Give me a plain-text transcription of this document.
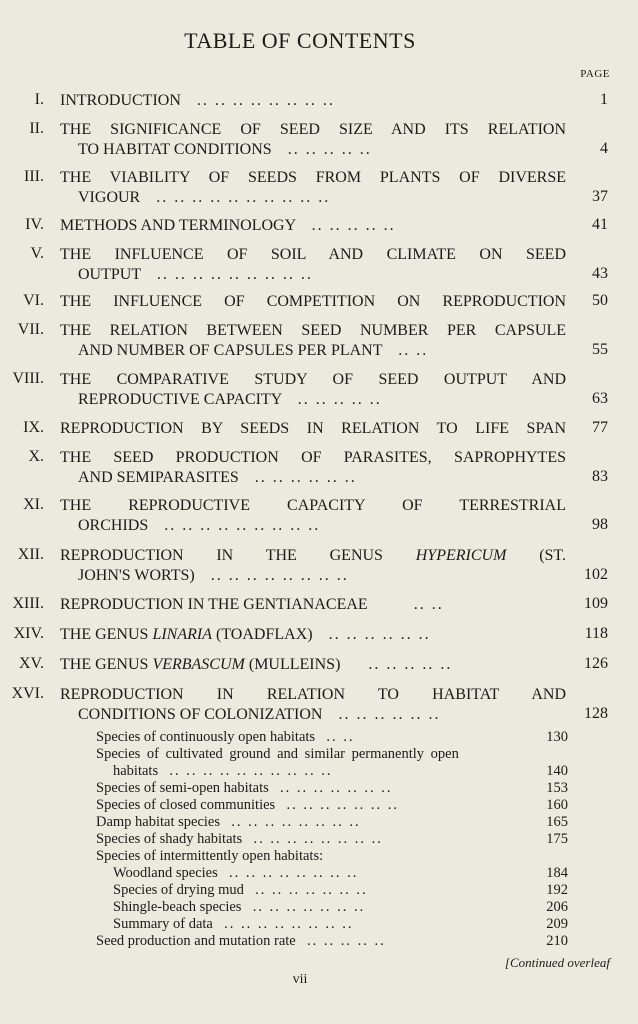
TABLE OF CONTENTS
PAGE
I. INTRODUCTION   .. .. .. .. .. .. .. ..	1
II. THE SIGNIFICANCE OF SEED SIZE AND ITS RELATION
TO HABITAT CONDITIONS   .. .. .. .. ..	4
III. THE VIABILITY OF SEEDS FROM PLANTS OF DIVERSE
VIGOUR   .. .. .. .. .. .. .. .. .. ..	37
IV. METHODS AND TERMINOLOGY   .. .. .. .. ..	41
V. THE INFLUENCE OF SOIL AND CLIMATE ON SEED
OUTPUT   .. .. .. .. .. .. .. .. ..	43
VI. THE INFLUENCE OF COMPETITION ON REPRODUCTION 50
VII. THE RELATION BETWEEN SEED NUMBER PER CAPSULE
AND NUMBER OF CAPSULES PER PLANT   .. ..	55
VIII. THE COMPARATIVE STUDY OF SEED OUTPUT AND
REPRODUCTIVE CAPACITY   .. .. .. .. ..	63
IX. REPRODUCTION BY SEEDS IN RELATION TO LIFE SPAN 77
X. THE SEED PRODUCTION OF PARASITES, SAPROPHYTES
AND SEMIPARASITES   .. .. .. .. .. ..	83
XI. THE REPRODUCTIVE CAPACITY OF TERRESTRIAL
ORCHIDS   .. .. .. .. .. .. .. .. ..	98
XII. REPRODUCTION IN THE GENUS HYPERICUM (ST.
JOHN'S WORTS)   .. .. .. .. .. .. .. ..	102
XIII. REPRODUCTION IN THE GENTIANACEAE        .. ..	109
XIV. THE GENUS LINARIA (TOADFLAX)   .. .. .. .. .. ..	118
XV. THE GENUS VERBASCUM (MULLEINS)     .. .. .. .. ..	126
XVI. REPRODUCTION IN RELATION TO HABITAT AND
CONDITIONS OF COLONIZATION   .. .. .. .. .. ..	128
Species of continuously open habitats  .. ..	130
Species of cultivated ground and similar permanently open
habitats  .. .. .. .. .. .. .. .. .. ..	140
Species of semi-open habitats  .. .. .. .. .. .. ..	153
Species of closed communities  .. .. .. .. .. .. ..	160
Damp habitat species  .. .. .. .. .. .. .. ..	165
Species of shady habitats  .. .. .. .. .. .. .. ..	175
Species of intermittently open habitats:
Woodland species  .. .. .. .. .. .. .. ..	184
Species of drying mud  .. .. .. .. .. .. ..	192
Shingle-beach species  .. .. .. .. .. .. ..	206
Summary of data  .. .. .. .. .. .. .. ..	209
Seed production and mutation rate  .. .. .. .. ..	210
[Continued overleaf
vii
